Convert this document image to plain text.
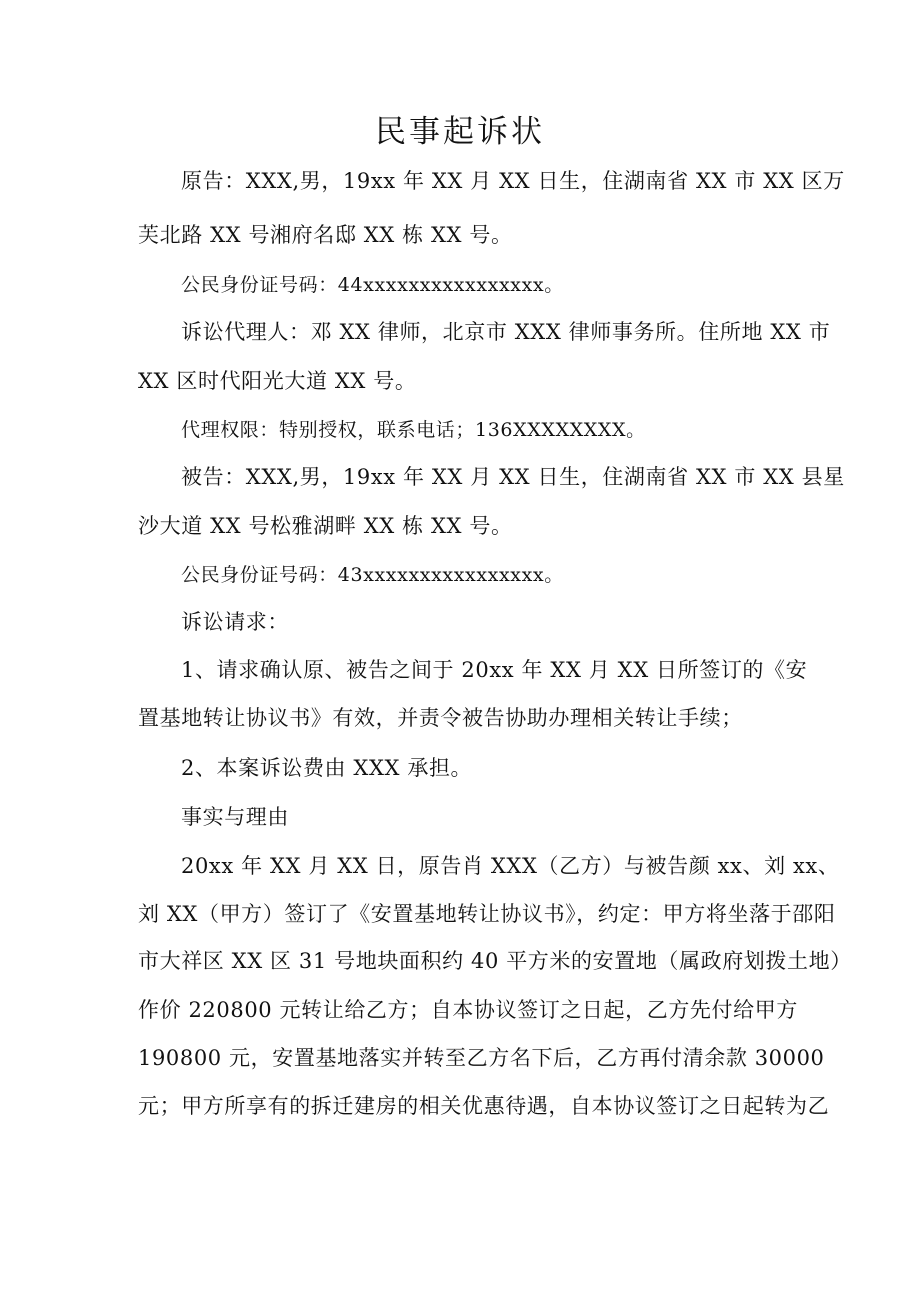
民事起诉状
原告：XXX,男，19xx 年 XX 月 XX 日生，住湖南省 XX 市 XX 区万
芙北路 XX 号湘府名邸 XX 栋 XX 号。
公民身份证号码：44xxxxxxxxxxxxxxxx。
诉讼代理人：邓 XX 律师，北京市 XXX 律师事务所。住所地 XX 市
XX 区时代阳光大道 XX 号。
代理权限：特别授权，联系电话；136XXXXXXXX。
被告：XXX,男，19xx 年 XX 月 XX 日生，住湖南省 XX 市 XX 县星
沙大道 XX 号松雅湖畔 XX 栋 XX 号。
公民身份证号码：43xxxxxxxxxxxxxxxx。
诉讼请求：
1、请求确认原、被告之间于 20xx 年 XX 月 XX 日所签订的《安
置基地转让协议书》有效，并责令被告协助办理相关转让手续；
2、本案诉讼费由 XXX 承担。
事实与理由
20xx 年 XX 月 XX 日，原告肖 XXX（乙方）与被告颜 xx、刘 xx、
刘 XX（甲方）签订了《安置基地转让协议书》，约定：甲方将坐落于邵阳
市大祥区 XX 区 31 号地块面积约 40 平方米的安置地（属政府划拨土地）
作价 220800 元转让给乙方；自本协议签订之日起，乙方先付给甲方
190800 元，安置基地落实并转至乙方名下后，乙方再付清余款 30000
元；甲方所享有的拆迁建房的相关优惠待遇，自本协议签订之日起转为乙
